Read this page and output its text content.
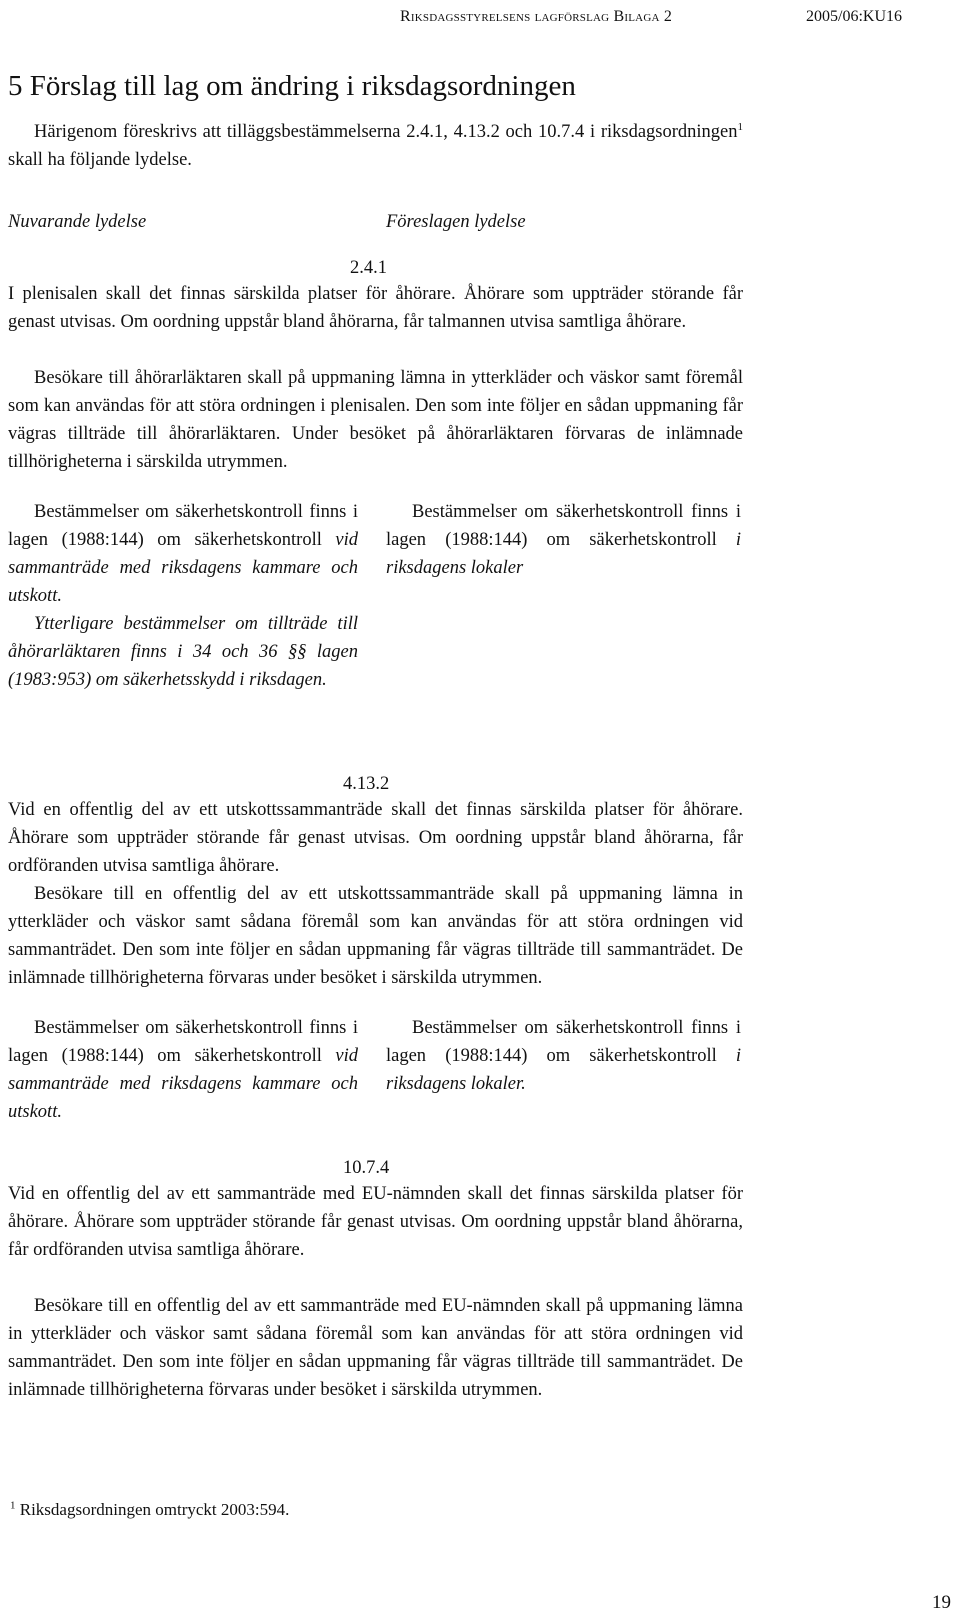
Riksdagsstyrelsens lagförslag Bilaga 2	2005/06:KU16
5 Förslag till lag om ändring i riksdagsordningen

Härigenom föreskrivs att tilläggsbestämmelserna 2.4.1, 4.13.2 och 10.7.4 i riksdagsordningen$^1$ skall ha följande lydelse.

Nuvarande lydelse	Föreslagen lydelse
2.4.1

I plenisalen skall det finnas särskilda platser för åhörare. Åhörare som uppträder störande får genast utvisas. Om oordning uppstår bland åhörarna, får talmannen utvisa samtliga åhörare.

Besökare till åhörarläktaren skall på uppmaning lämna in ytterkläder och väskor samt föremål som kan användas för att störa ordningen i plenisalen. Den som inte följer en sådan uppmaning får vägras tillträde till åhörarläktaren. Under besöket på åhörarläktaren förvaras de inlämnade tillhörigheterna i särskilda utrymmen.

Bestämmelser om säkerhetskontroll finns i lagen (1988:144) om säkerhetskontroll vid sammanträde med riksdagens kammare och utskott.
Ytterligare bestämmelser om tillträde till åhörarläktaren finns i 34 och 36 §§ lagen (1983:953) om säkerhetsskydd i riksdagen.
Bestämmelser om säkerhetskontroll finns i lagen (1988:144) om säkerhetskontroll i riksdagens lokaler
4.13.2

Vid en offentlig del av ett utskottssammanträde skall det finnas särskilda platser för åhörare. Åhörare som uppträder störande får genast utvisas. Om oordning uppstår bland åhörarna, får ordföranden utvisa samtliga åhörare.

Besökare till en offentlig del av ett utskottssammanträde skall på uppmaning lämna in ytterkläder och väskor samt sådana föremål som kan användas för att störa ordningen vid sammanträdet. Den som inte följer en sådan uppmaning får vägras tillträde till sammanträdet. De inlämnade tillhörigheterna förvaras under besöket i särskilda utrymmen.

Bestämmelser om säkerhetskontroll finns i lagen (1988:144) om säkerhetskontroll vid sammanträde med riksdagens kammare och utskott.
Bestämmelser om säkerhetskontroll finns i lagen (1988:144) om säkerhetskontroll i riksdagens lokaler.
10.7.4

Vid en offentlig del av ett sammanträde med EU-nämnden skall det finnas särskilda platser för åhörare. Åhörare som uppträder störande får genast utvisas. Om oordning uppstår bland åhörarna, får ordföranden utvisa samtliga åhörare.

Besökare till en offentlig del av ett sammanträde med EU-nämnden skall på uppmaning lämna in ytterkläder och väskor samt sådana föremål som kan användas för att störa ordningen vid sammanträdet. Den som inte följer en sådan uppmaning får vägras tillträde till sammanträdet. De inlämnade tillhörigheterna förvaras under besöket i särskilda utrymmen.

$^1$ Riksdagsordningen omtryckt 2003:594.
19
